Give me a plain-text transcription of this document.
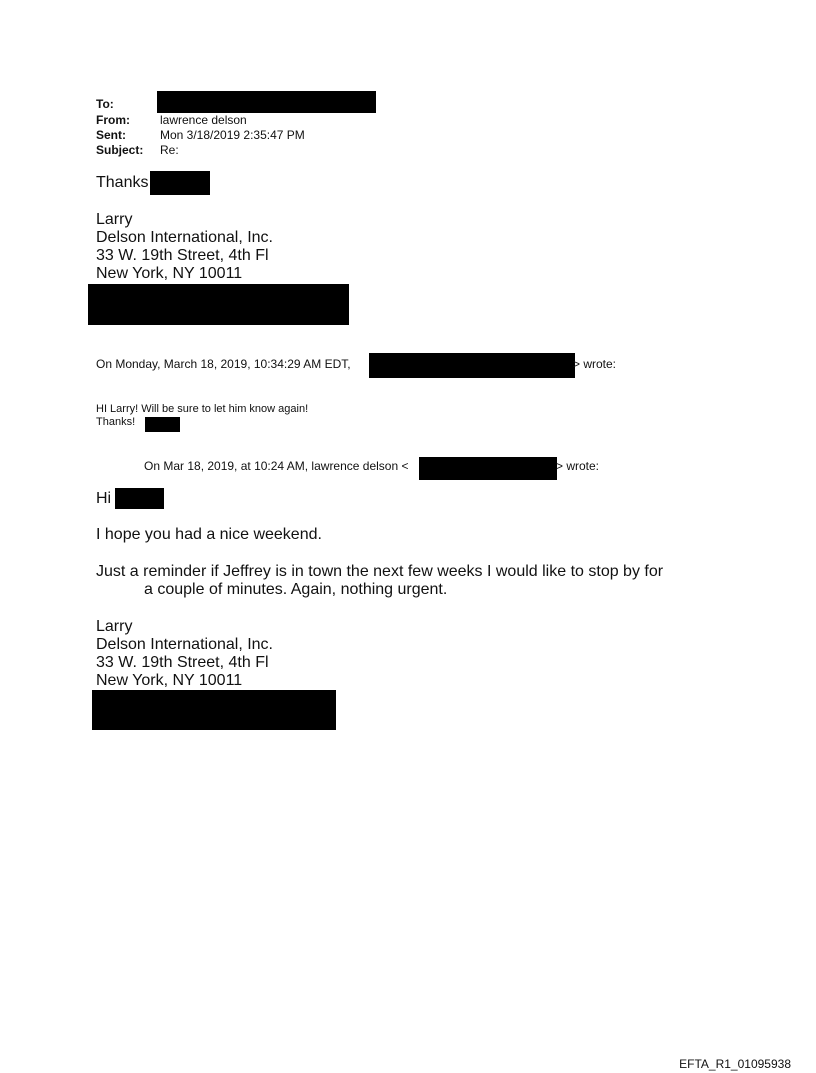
To:
From:	lawrence delson
Sent:	Mon 3/18/2019 2:35:47 PM
Subject: Re:
Thanks
Larry
Delson International, Inc.
33 W. 19th Street, 4th Fl
New York, NY 10011
On Monday, March 18, 2019, 10:34:29 AM EDT,	> wrote:
HI Larry! Will be sure to let him know again!
Thanks!
On Mar 18, 2019, at 10:24 AM, lawrence delson <	> wrote:
Hi
I hope you had a nice weekend.
Just a reminder if Jeffrey is in town the next few weeks I would like to stop by for
a couple of minutes. Again, nothing urgent.
Larry
Delson International, Inc.
33 W. 19th Street, 4th Fl
New York, NY 10011
EFTA_R1_01095938
